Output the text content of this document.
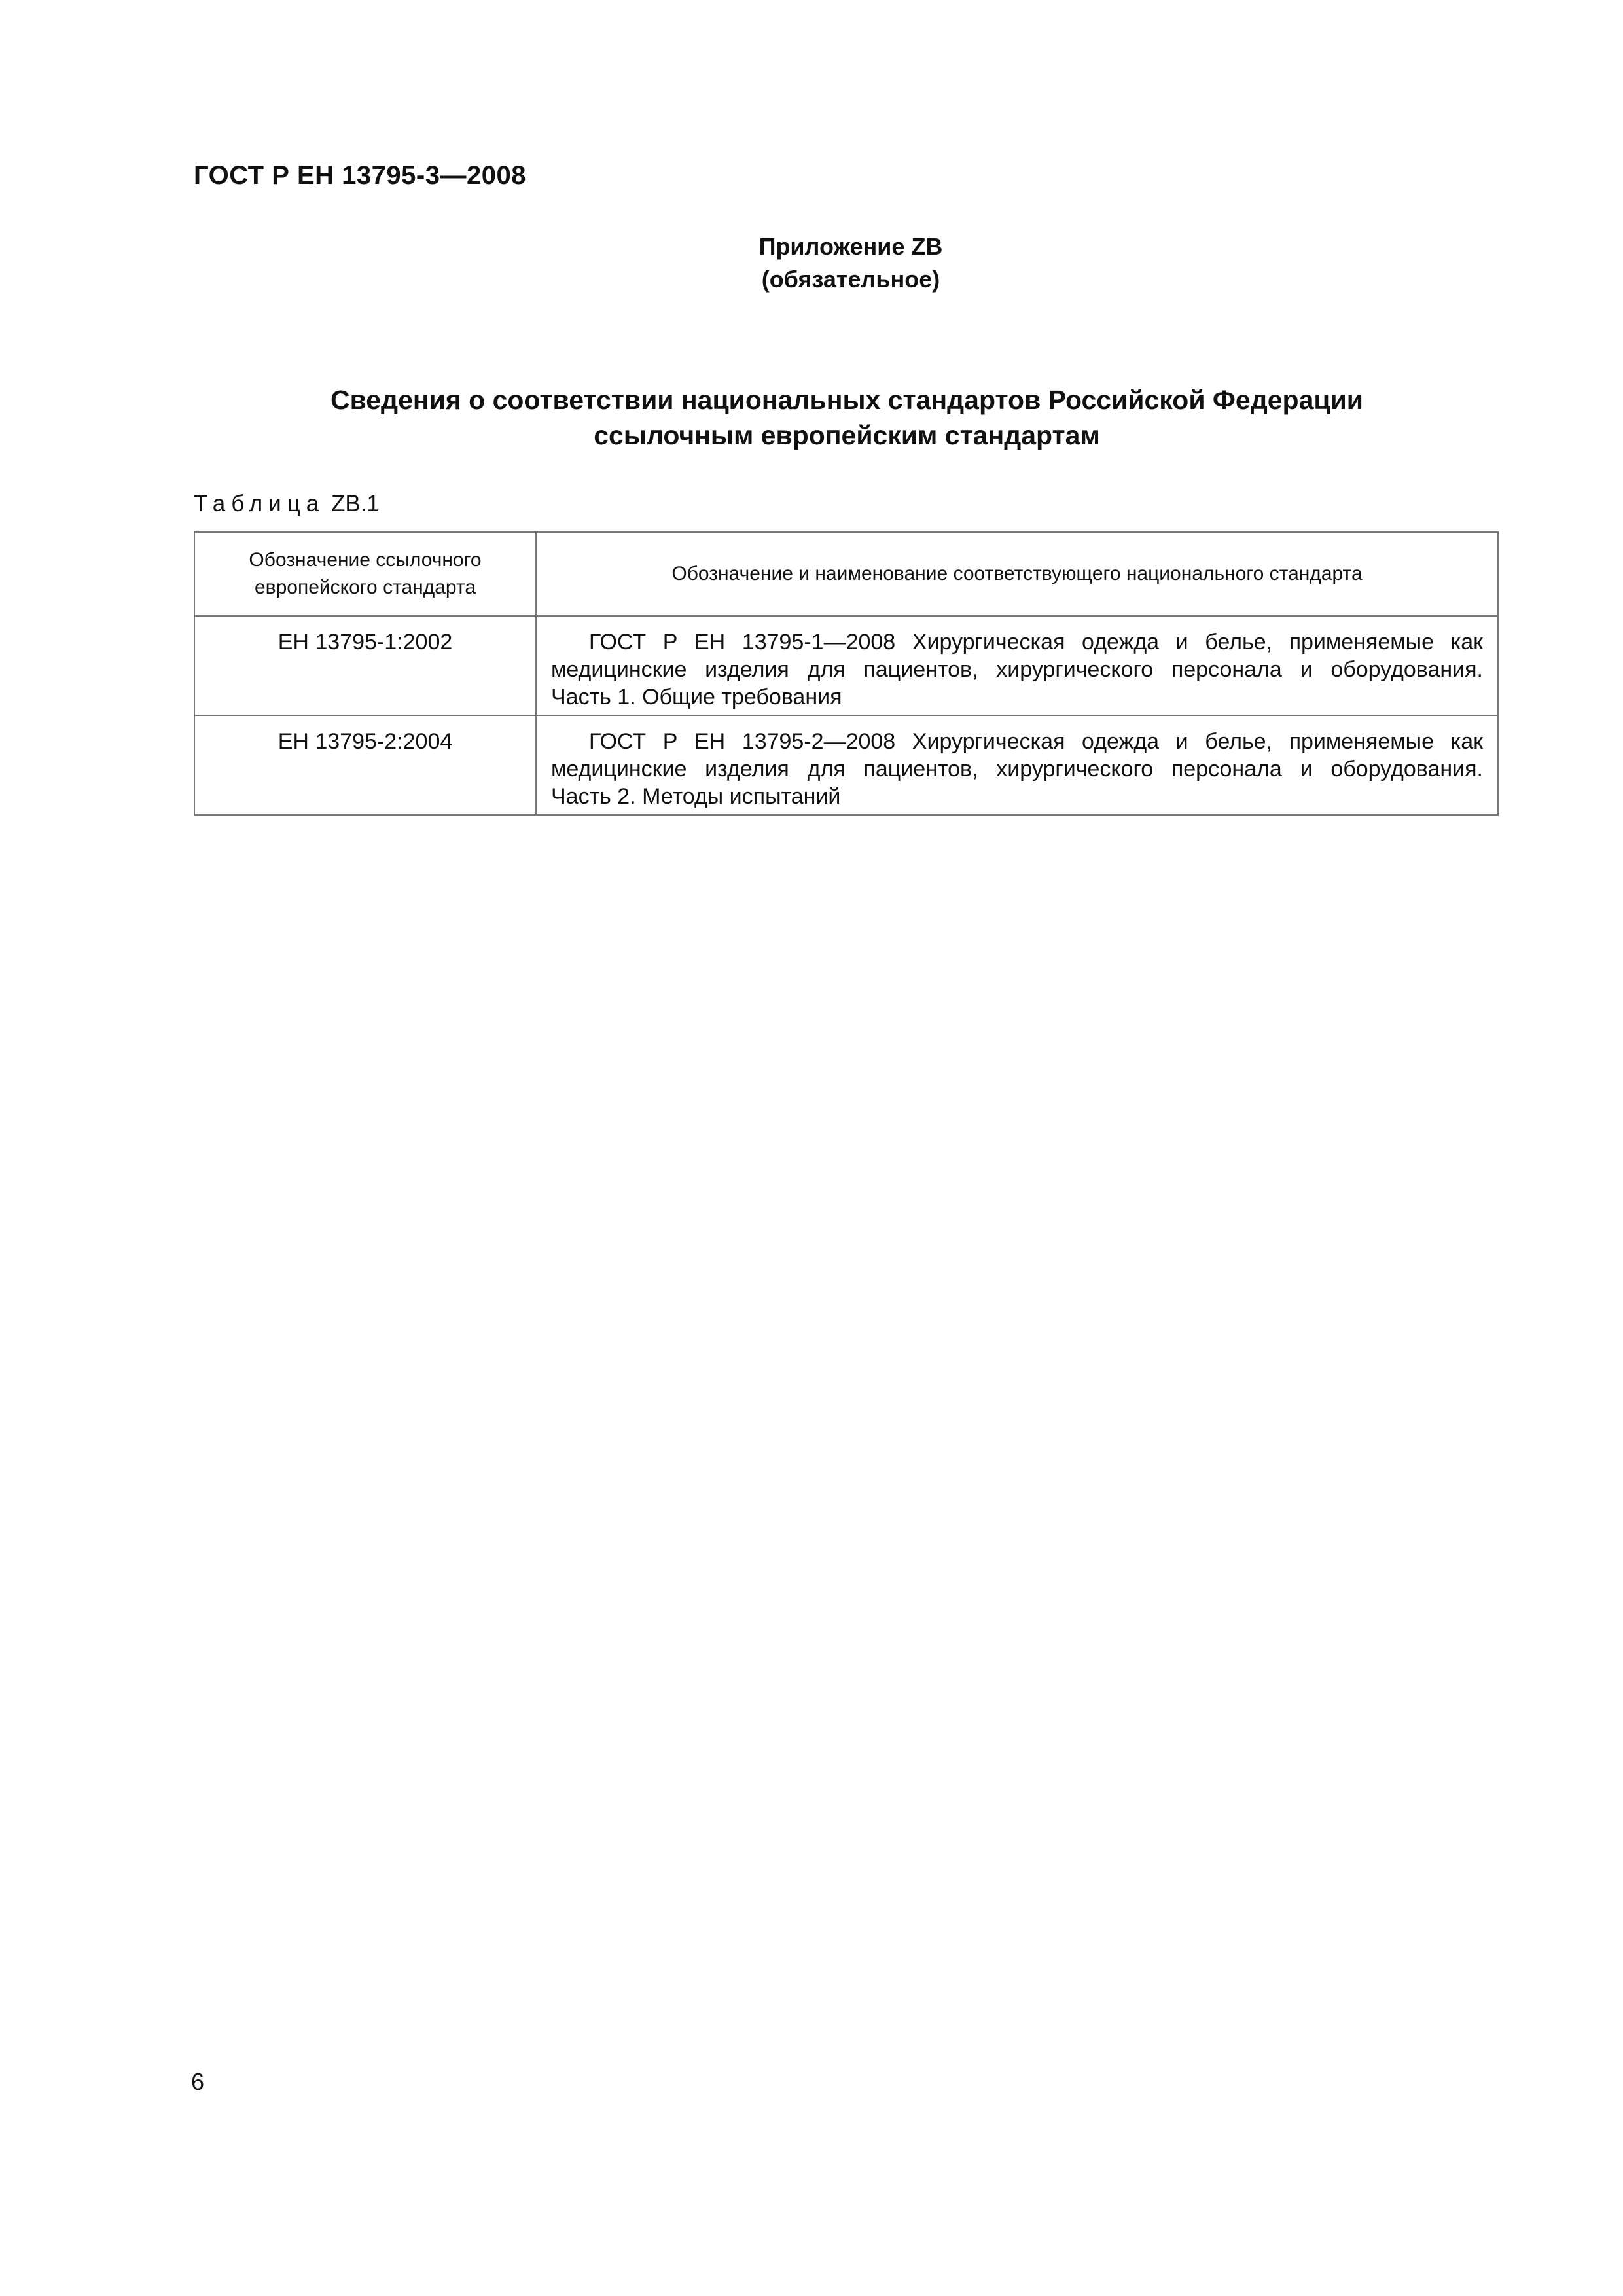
ГОСТ Р ЕН 13795-3—2008
Приложение ZB
(обязательное)
Сведения о соответствии национальных стандартов Российской Федерации
ссылочным европейским стандартам
Таблица ZB.1
Обозначение ссылочного европейского стандарта	Обозначение и наименование соответствующего национального стандарта
ЕН 13795-1:2002	ГОСТ Р ЕН 13795-1—2008 Хирургическая одежда и белье, применяемые как
медицинские изделия для пациентов, хирургического персонала и оборудования.
Часть 1. Общие требования

ЕН 13795-2:2004	ГОСТ Р ЕН 13795-2—2008 Хирургическая одежда и белье, применяемые как
медицинские изделия для пациентов, хирургического персонала и оборудования.
Часть 2. Методы испытаний
6
